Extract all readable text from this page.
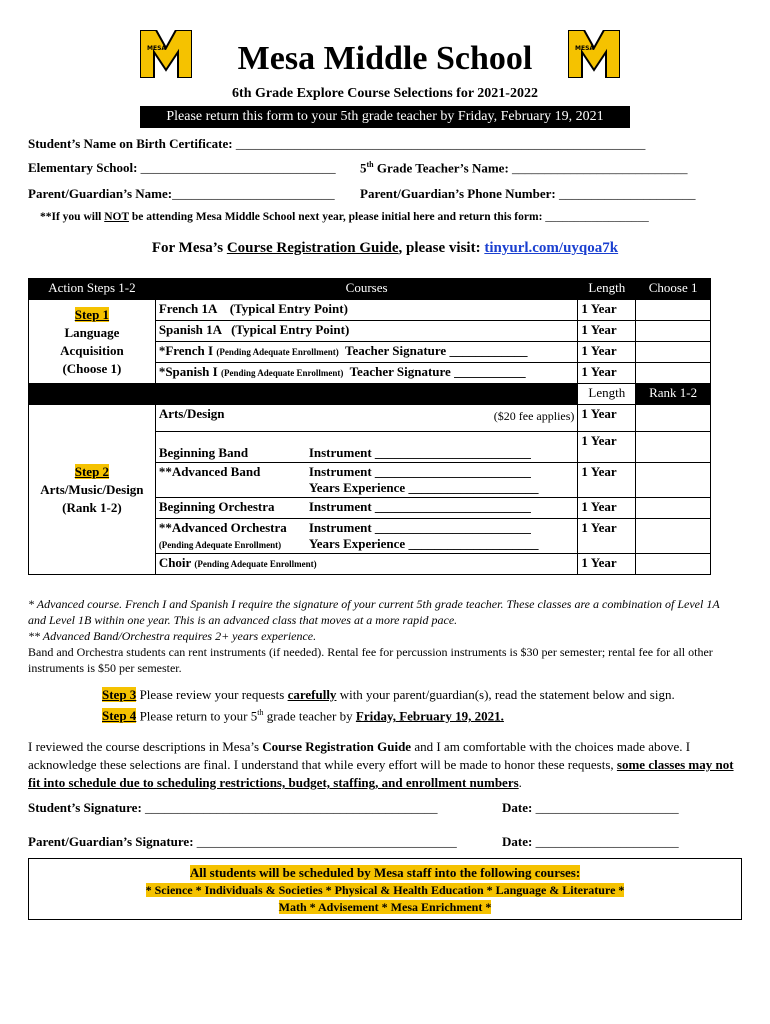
MESA	MESA
Mesa Middle School
6th Grade Explore Course Selections for 2021-2022
Please return this form to your 5th grade teacher by Friday, February 19, 2021
Student’s Name on Birth Certificate: _______________________________________________________________
Elementary School: ______________________________ 5th Grade Teacher’s Name: ___________________________
Parent/Guardian’s Name:_________________________ Parent/Guardian’s Phone Number: _____________________
**If you will NOT be attending Mesa Middle School next year, please initial here and return this form: __________________
For Mesa’s Course Registration Guide, please visit: tinyurl.com/uyqoa7k
Action Steps 1-2	Courses	Length	Choose 1
Step 1
Language
Acquisition
(Choose 1)	French 1A    (Typical Entry Point)	1 Year	
	Spanish 1A   (Typical Entry Point)	1 Year	
	*French I (Pending Adequate Enrollment)  Teacher Signature ____________	1 Year	
	*Spanish I (Pending Adequate Enrollment)  Teacher Signature ___________	1 Year	
		Length	Rank 1-2
Step 2
Arts/Music/Design
(Rank 1-2)	Arts/Design ($20 fee applies)	1 Year	
	Beginning Band Instrument ________________________	1 Year	
	**Advanced Band Instrument ________________________
Years Experience ____________________	1 Year	
	Beginning Orchestra Instrument ________________________	1 Year	
	**Advanced Orchestra Instrument ________________________
(Pending Adequate Enrollment) Years Experience ____________________	1 Year	
	Choir (Pending Adequate Enrollment)	1 Year	
* Advanced course. French I and Spanish I require the signature of your current 5th grade teacher. These classes are a combination of Level 1A and Level 1B within one year. This is an advanced class that moves at a more rapid pace.
** Advanced Band/Orchestra requires 2+ years experience.
Band and Orchestra students can rent instruments (if needed). Rental fee for percussion instruments is $30 per semester; rental fee for all other instruments is $50 per semester.
Step 3 Please review your requests carefully with your parent/guardian(s), read the statement below and sign.
Step 4 Please return to your 5th grade teacher by Friday, February 19, 2021.
I reviewed the course descriptions in Mesa’s Course Registration Guide and I am comfortable with the choices made above. I acknowledge these selections are final. I understand that while every effort will be made to honor these requests, some classes may not fit into schedule due to scheduling restrictions, budget, staffing, and enrollment numbers.
Student’s Signature: _____________________________________________	Date: ______________________
Parent/Guardian’s Signature: ________________________________________	Date: ______________________
All students will be scheduled by Mesa staff into the following courses:
* Science * Individuals & Societies * Physical & Health Education * Language & Literature *
Math * Advisement * Mesa Enrichment *
